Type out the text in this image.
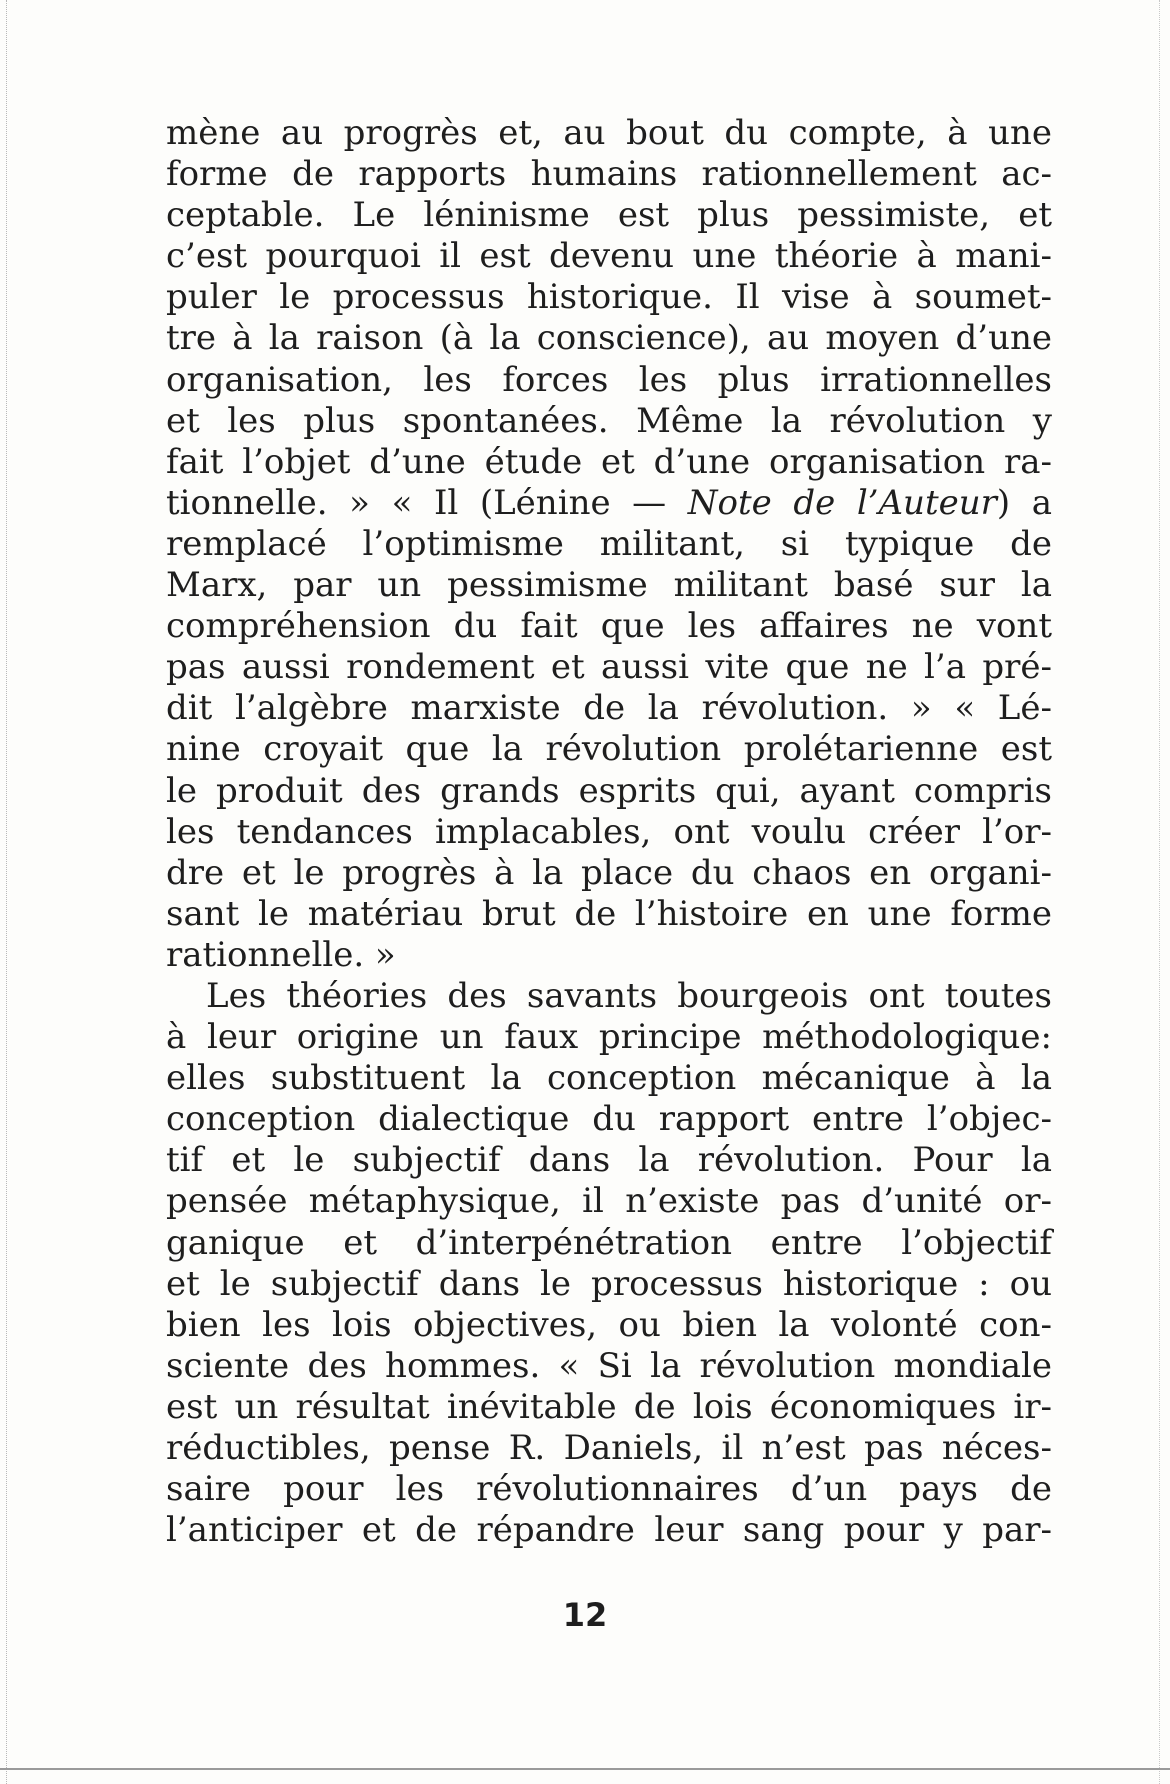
mène au progrès et, au bout du compte, à une
forme de rapports humains rationnellement ac-
ceptable. Le léninisme est plus pessimiste, et
c’est pourquoi il est devenu une théorie à mani-
puler le processus historique. Il vise à soumet-
tre à la raison (à la conscience), au moyen d’une
organisation, les forces les plus irrationnelles
et les plus spontanées. Même la révolution y
fait l’objet d’une étude et d’une organisation ra-
tionnelle. » « Il (Lénine — Note de l’Auteur) a
remplacé l’optimisme militant, si typique de
Marx, par un pessimisme militant basé sur la
compréhension du fait que les affaires ne vont
pas aussi rondement et aussi vite que ne l’a pré-
dit l’algèbre marxiste de la révolution. » « Lé-
nine croyait que la révolution prolétarienne est
le produit des grands esprits qui, ayant compris
les tendances implacables, ont voulu créer l’or-
dre et le progrès à la place du chaos en organi-
sant le matériau brut de l’histoire en une forme
rationnelle. »
Les théories des savants bourgeois ont toutes
à leur origine un faux principe méthodologique:
elles substituent la conception mécanique à la
conception dialectique du rapport entre l’objec-
tif et le subjectif dans la révolution. Pour la
pensée métaphysique, il n’existe pas d’unité or-
ganique et d’interpénétration entre l’objectif
et le subjectif dans le processus historique : ou
bien les lois objectives, ou bien la volonté con-
sciente des hommes. « Si la révolution mondiale
est un résultat inévitable de lois économiques ir-
réductibles, pense R. Daniels, il n’est pas néces-
saire pour les révolutionnaires d’un pays de
l’anticiper et de répandre leur sang pour y par-
12
